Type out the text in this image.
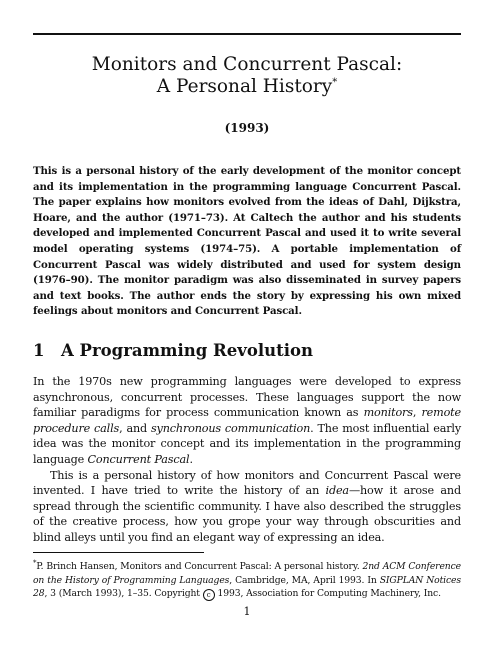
Monitors and Concurrent Pascal:
A Personal History*
(1993)
This is a personal history of the early development of the monitor concept and its implementation in the programming language Concurrent Pascal. The paper explains how monitors evolved from the ideas of Dahl, Dijkstra, Hoare, and the author (1971–73). At Caltech the author and his students developed and implemented Concurrent Pascal and used it to write several model operating systems (1974–75). A portable implementation of Concurrent Pascal was widely distributed and used for system design (1976–90). The monitor paradigm was also disseminated in survey papers and text books. The author ends the story by expressing his own mixed feelings about monitors and Concurrent Pascal.
1 A Programming Revolution

In the 1970s new programming languages were developed to express asynchronous, concurrent processes. These languages support the now familiar paradigms for process communication known as monitors, remote procedure calls, and synchronous communication. The most influential early idea was the monitor concept and its implementation in the programming language Concurrent Pascal.

This is a personal history of how monitors and Concurrent Pascal were invented. I have tried to write the history of an idea—how it arose and spread through the scientific community. I have also described the struggles of the creative process, how you grope your way through obscurities and blind alleys until you find an elegant way of expressing an idea.

*P. Brinch Hansen, Monitors and Concurrent Pascal: A personal history. 2nd ACM Conference on the History of Programming Languages, Cambridge, MA, April 1993. In SIGPLAN Notices 28, 3 (March 1993), 1–35. Copyright c 1993, Association for Computing Machinery, Inc.
1
